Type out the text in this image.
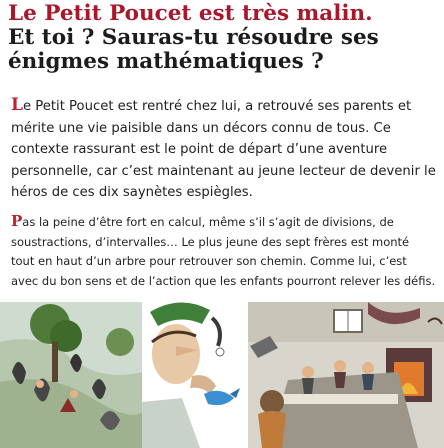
Le Petit Poucet est très malin.
Et toi ? Sauras-tu résoudre ses
énigmes mathématiques ?

Le Petit Poucet est rentré chez lui, a retrouvé ses parents et mérite une vie paisible dans un décors connu de tous. Ce contexte rassurant est le point de départ d’une aventure personnelle, car c’est maintenant au jeune lecteur de devenir le héros de ces dix saynètes espiègles.

Pas la peine d’être fort en calcul, même s’il s’agit de divisions, de soustractions, d’intervalles… Le plus jeune des sept frères est monté tout en haut d’un arbre pour retrouver son chemin. Comme lui, c’est avec du bon sens et de l’action que les enfants pourront relever les défis.
